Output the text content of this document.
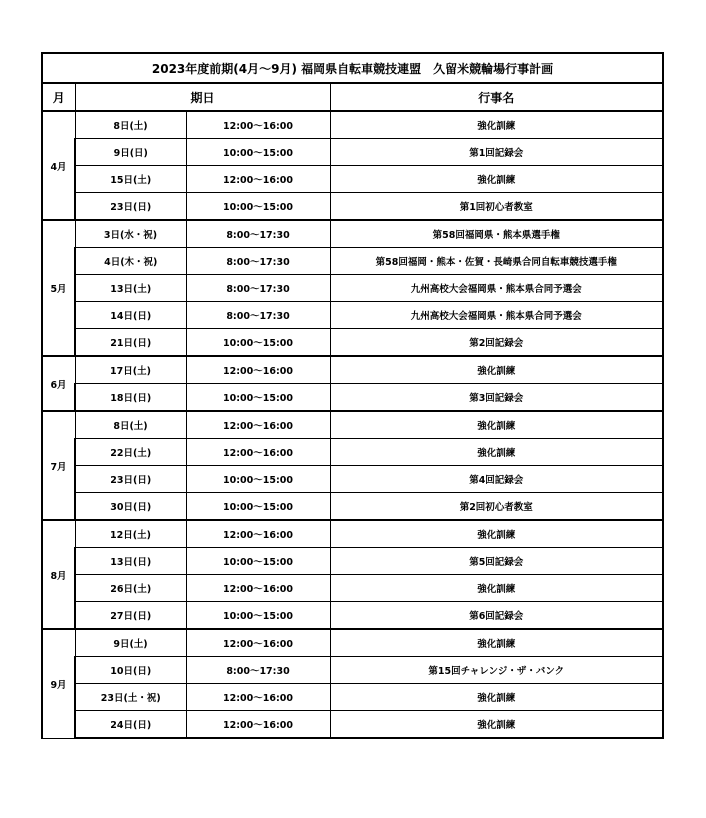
2023年度前期(4月～9月) 福岡県自転車競技連盟　久留米競輪場行事計画			
月	期日		行事名
4月	8日(土)	12:00～16:00	強化訓練
	9日(日)	10:00～15:00	第1回記録会
	15日(土)	12:00～16:00	強化訓練
	23日(日)	10:00～15:00	第1回初心者教室
5月	3日(水・祝)	8:00～17:30	第58回福岡県・熊本県選手権
	4日(木・祝)	8:00～17:30	第58回福岡・熊本・佐賀・長崎県合同自転車競技選手権
	13日(土)	8:00～17:30	九州高校大会福岡県・熊本県合同予選会
	14日(日)	8:00～17:30	九州高校大会福岡県・熊本県合同予選会
	21日(日)	10:00～15:00	第2回記録会
6月	17日(土)	12:00～16:00	強化訓練
	18日(日)	10:00～15:00	第3回記録会
7月	8日(土)	12:00～16:00	強化訓練
	22日(土)	12:00～16:00	強化訓練
	23日(日)	10:00～15:00	第4回記録会
	30日(日)	10:00～15:00	第2回初心者教室
8月	12日(土)	12:00～16:00	強化訓練
	13日(日)	10:00～15:00	第5回記録会
	26日(土)	12:00～16:00	強化訓練
	27日(日)	10:00～15:00	第6回記録会
9月	9日(土)	12:00～16:00	強化訓練
	10日(日)	8:00～17:30	第15回チャレンジ・ザ・バンク
	23日(土・祝)	12:00～16:00	強化訓練
	24日(日)	12:00～16:00	強化訓練
